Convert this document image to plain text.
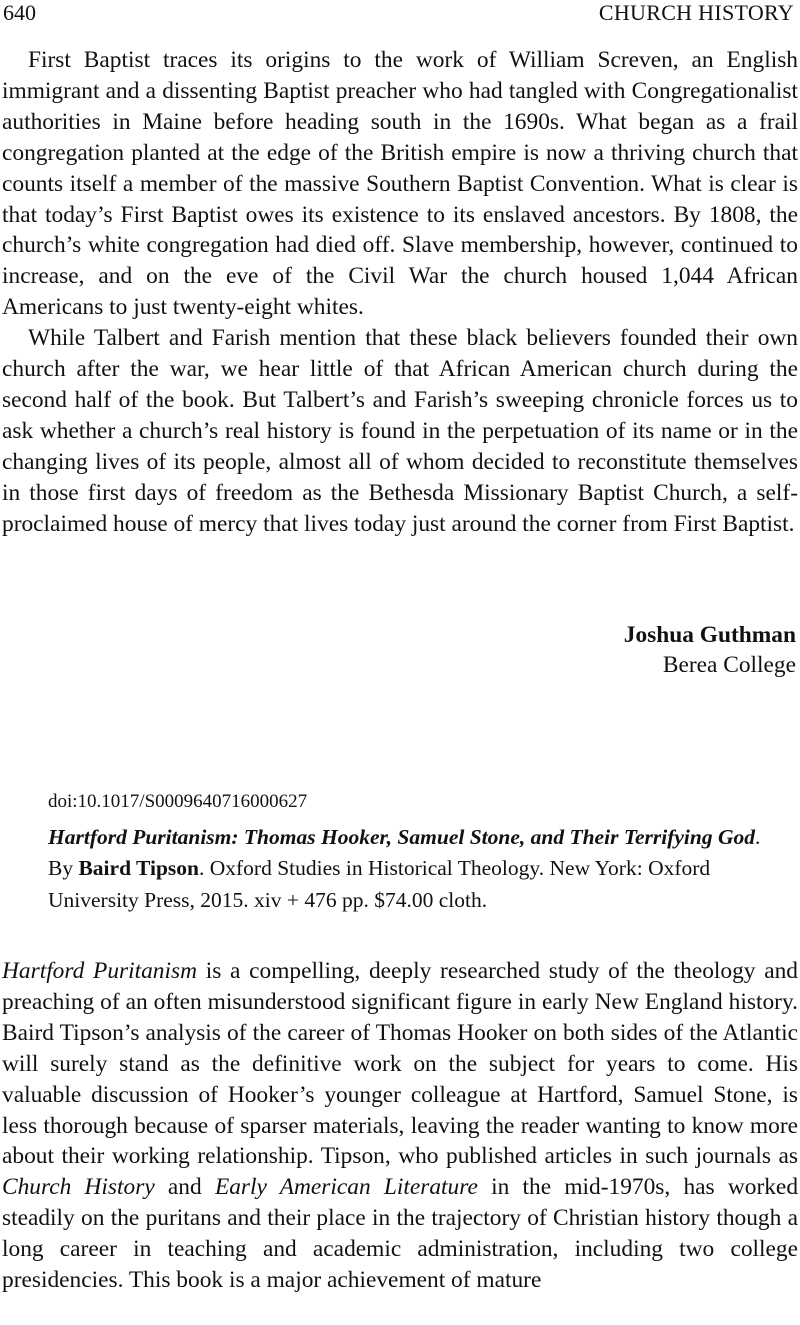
640	CHURCH HISTORY

First Baptist traces its origins to the work of William Screven, an English immigrant and a dissenting Baptist preacher who had tangled with Congregationalist authorities in Maine before heading south in the 1690s. What began as a frail congregation planted at the edge of the British empire is now a thriving church that counts itself a member of the massive Southern Baptist Convention. What is clear is that today’s First Baptist owes its existence to its enslaved ancestors. By 1808, the church’s white congregation had died off. Slave membership, however, continued to increase, and on the eve of the Civil War the church housed 1,044 African Americans to just twenty-eight whites.

While Talbert and Farish mention that these black believers founded their own church after the war, we hear little of that African American church during the second half of the book. But Talbert’s and Farish’s sweeping chronicle forces us to ask whether a church’s real history is found in the perpetuation of its name or in the changing lives of its people, almost all of whom decided to reconstitute themselves in those first days of freedom as the Bethesda Missionary Baptist Church, a self-proclaimed house of mercy that lives today just around the corner from First Baptist.

Joshua Guthman
Berea College
doi:10.1017/S0009640716000627
Hartford Puritanism: Thomas Hooker, Samuel Stone, and Their Terrifying God. By Baird Tipson. Oxford Studies in Historical Theology. New York: Oxford University Press, 2015. xiv + 476 pp. $74.00 cloth.

Hartford Puritanism is a compelling, deeply researched study of the theology and preaching of an often misunderstood significant figure in early New England history. Baird Tipson’s analysis of the career of Thomas Hooker on both sides of the Atlantic will surely stand as the definitive work on the subject for years to come. His valuable discussion of Hooker’s younger colleague at Hartford, Samuel Stone, is less thorough because of sparser materials, leaving the reader wanting to know more about their working relationship. Tipson, who published articles in such journals as Church History and Early American Literature in the mid-1970s, has worked steadily on the puritans and their place in the trajectory of Christian history though a long career in teaching and academic administration, including two college presidencies. This book is a major achievement of mature
